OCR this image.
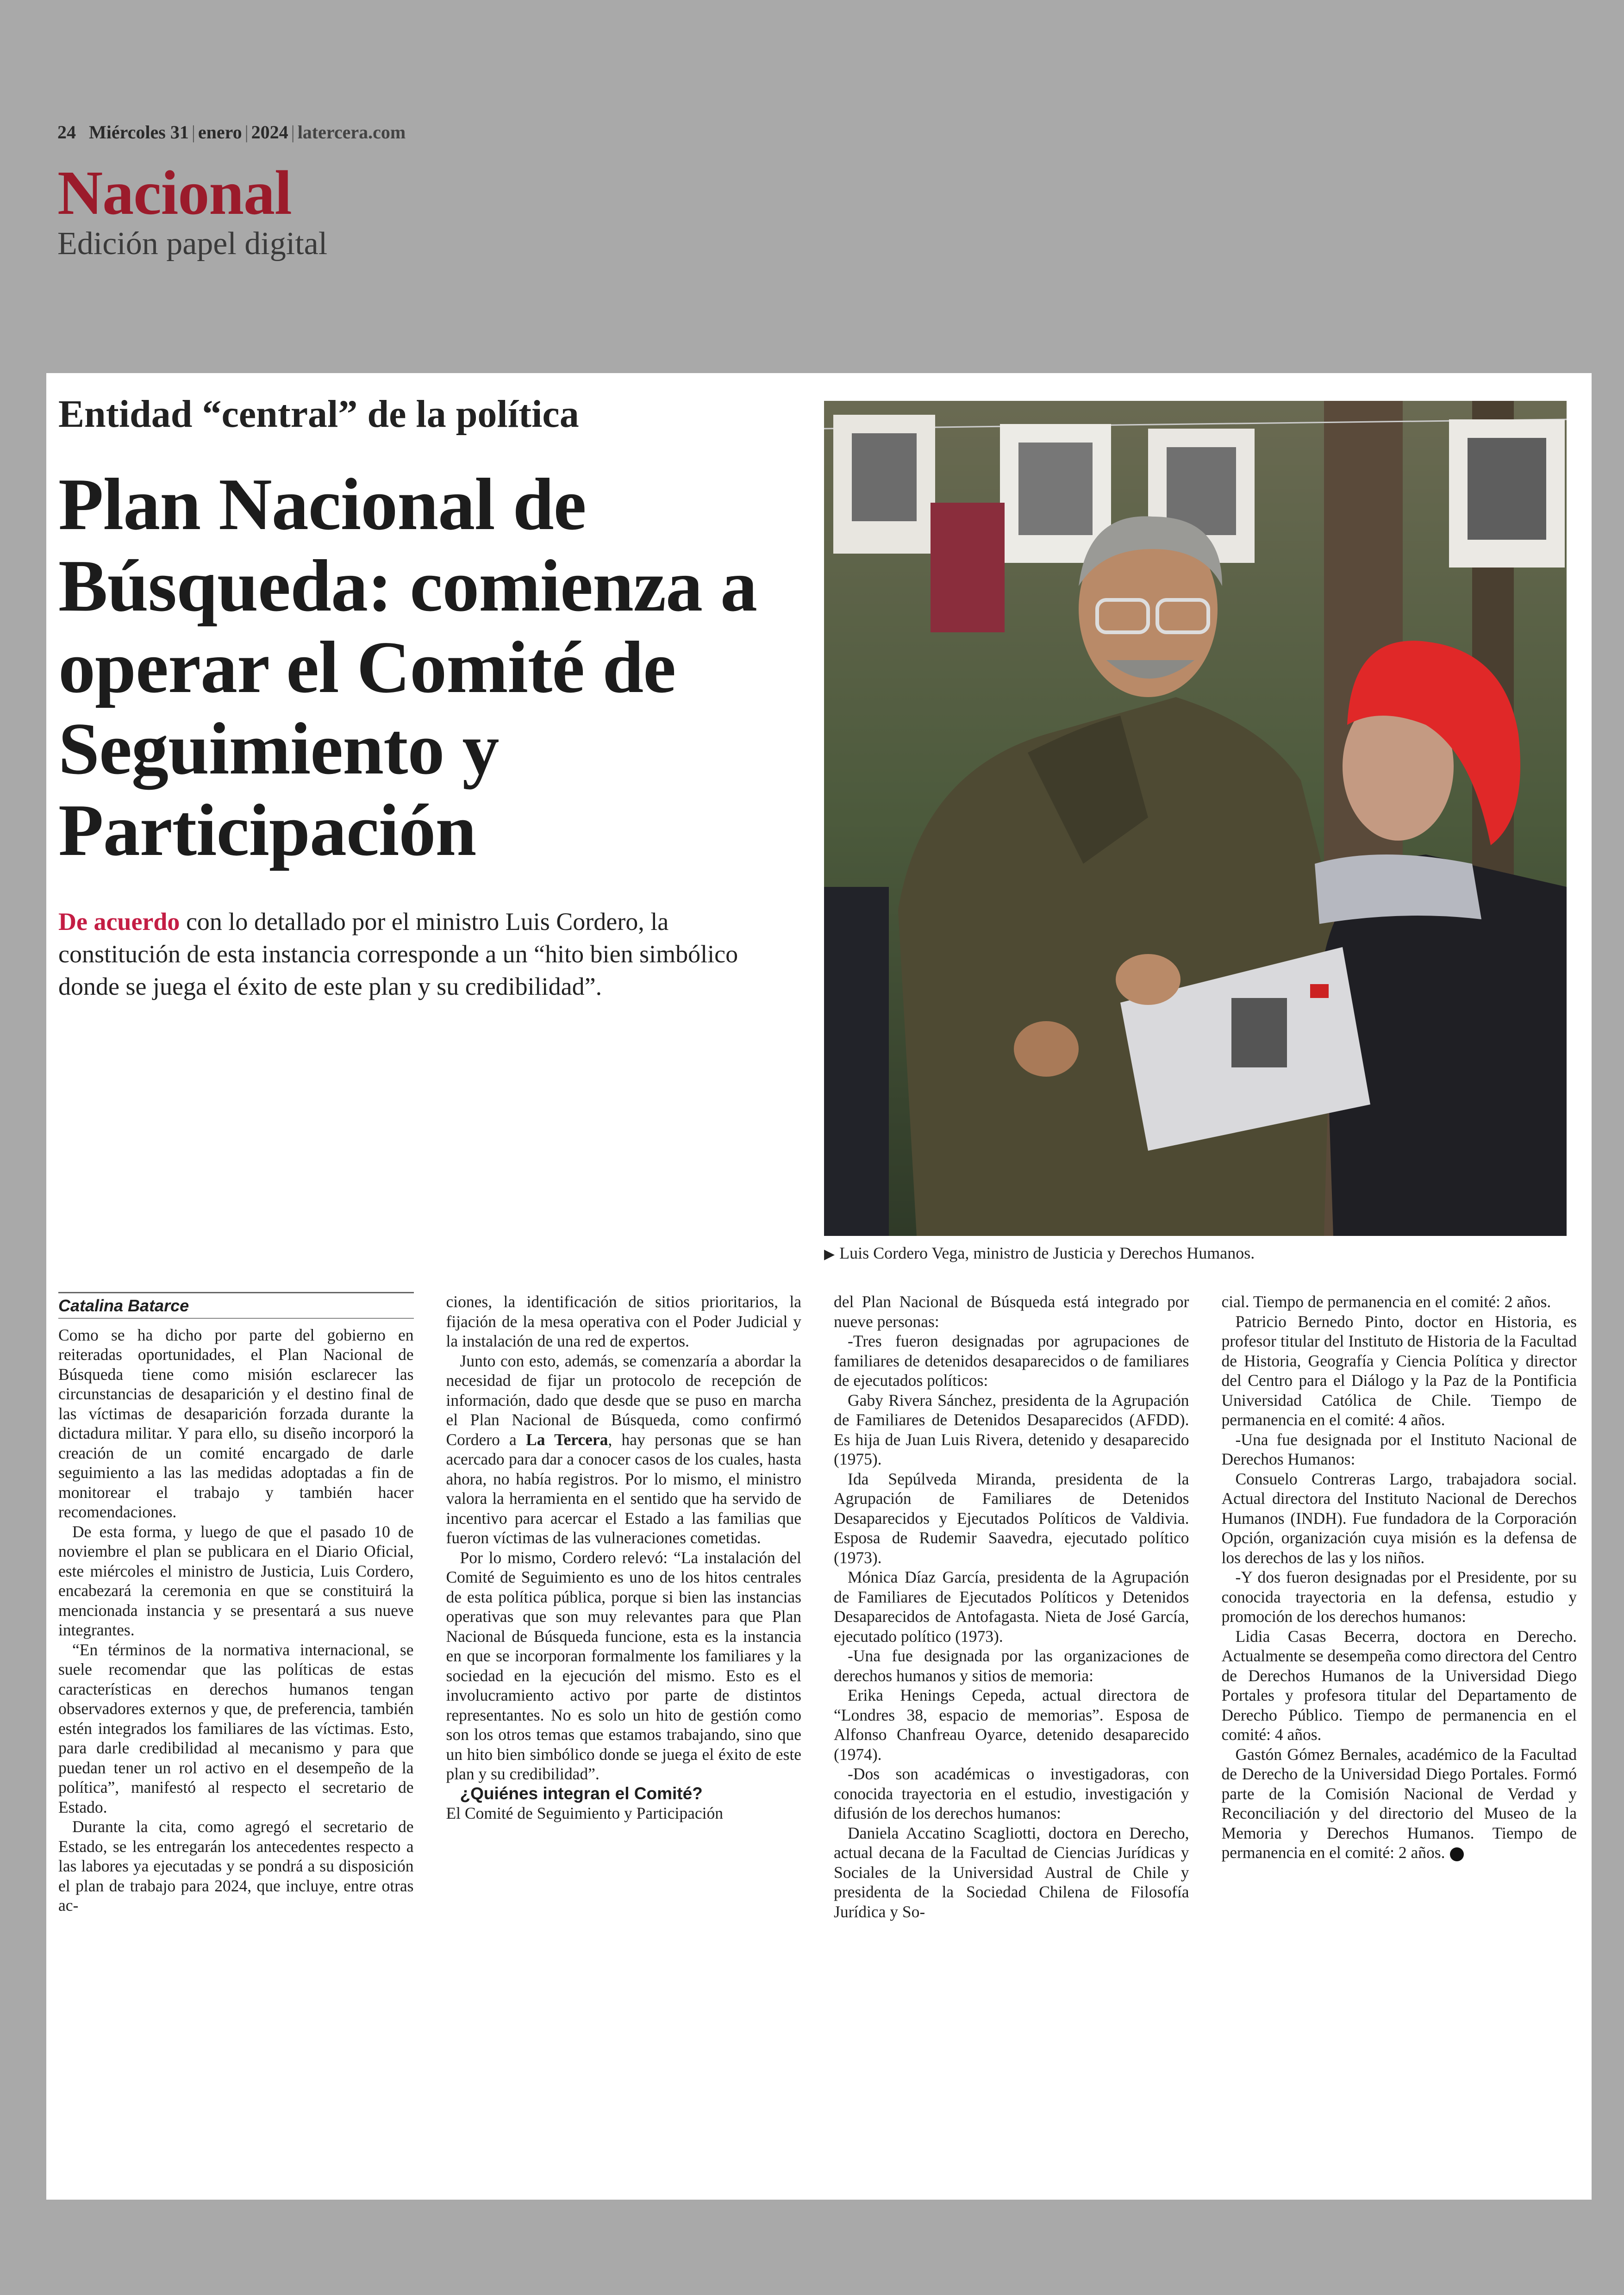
24 Miércoles 31 | enero | 2024 | latercera.com
Nacional
Edición papel digital
Entidad “central” de la política
Plan Nacional de Búsqueda: comienza a operar el Comité de Seguimiento y Participación

De acuerdo con lo detallado por el ministro Luis Cordero, la constitución de esta instancia corresponde a un “hito bien simbólico donde se juega el éxito de este plan y su credibilidad”.

▶ Luis Cordero Vega, ministro de Justicia y Derechos Humanos.
Catalina Batarce

Como se ha dicho por parte del gobierno en reiteradas oportunidades, el Plan Nacional de Búsqueda tiene como misión esclarecer las circunstancias de desaparición y el destino final de las víctimas de desaparición forzada durante la dictadura militar. Y para ello, su diseño incorporó la creación de un comité encargado de darle seguimiento a las las medidas adoptadas a fin de monitorear el trabajo y también hacer recomendaciones.

De esta forma, y luego de que el pasado 10 de noviembre el plan se publicara en el Diario Oficial, este miércoles el ministro de Justicia, Luis Cordero, encabezará la ceremonia en que se constituirá la mencionada instancia y se presentará a sus nueve integrantes.

“En términos de la normativa internacional, se suele recomendar que las políticas de estas características en derechos humanos tengan observadores externos y que, de preferencia, también estén integrados los familiares de las víctimas. Esto, para darle credibilidad al mecanismo y para que puedan tener un rol activo en el desempeño de la política”, manifestó al respecto el secretario de Estado.

Durante la cita, como agregó el secretario de Estado, se les entregarán los antecedentes respecto a las labores ya ejecutadas y se pondrá a su disposición el plan de trabajo para 2024, que incluye, entre otras ac-

ciones, la identificación de sitios prioritarios, la fijación de la mesa operativa con el Poder Judicial y la instalación de una red de expertos.

Junto con esto, además, se comenzaría a abordar la necesidad de fijar un protocolo de recepción de información, dado que desde que se puso en marcha el Plan Nacional de Búsqueda, como confirmó Cordero a La Tercera, hay personas que se han acercado para dar a conocer casos de los cuales, hasta ahora, no había registros. Por lo mismo, el ministro valora la herramienta en el sentido que ha servido de incentivo para acercar el Estado a las familias que fueron víctimas de las vulneraciones cometidas.

Por lo mismo, Cordero relevó: “La instalación del Comité de Seguimiento es uno de los hitos centrales de esta política pública, porque si bien las instancias operativas que son muy relevantes para que Plan Nacional de Búsqueda funcione, esta es la instancia en que se incorporan formalmente los familiares y la sociedad en la ejecución del mismo. Esto es el involucramiento activo por parte de distintos representantes. No es solo un hito de gestión como son los otros temas que estamos trabajando, sino que un hito bien simbólico donde se juega el éxito de este plan y su credibilidad”.

¿Quiénes integran el Comité?

El Comité de Seguimiento y Participación

del Plan Nacional de Búsqueda está integrado por nueve personas:

-Tres fueron designadas por agrupaciones de familiares de detenidos desaparecidos o de familiares de ejecutados políticos:

Gaby Rivera Sánchez, presidenta de la Agrupación de Familiares de Detenidos Desaparecidos (AFDD). Es hija de Juan Luis Rivera, detenido y desaparecido (1975).

Ida Sepúlveda Miranda, presidenta de la Agrupación de Familiares de Detenidos Desaparecidos y Ejecutados Políticos de Valdivia. Esposa de Rudemir Saavedra, ejecutado político (1973).

Mónica Díaz García, presidenta de la Agrupación de Familiares de Ejecutados Políticos y Detenidos Desaparecidos de Antofagasta. Nieta de José García, ejecutado político (1973).

-Una fue designada por las organizaciones de derechos humanos y sitios de memoria:

Erika Henings Cepeda, actual directora de “Londres 38, espacio de memorias”. Esposa de Alfonso Chanfreau Oyarce, detenido desaparecido (1974).

-Dos son académicas o investigadoras, con conocida trayectoria en el estudio, investigación y difusión de los derechos humanos:

Daniela Accatino Scagliotti, doctora en Derecho, actual decana de la Facultad de Ciencias Jurídicas y Sociales de la Universidad Austral de Chile y presidenta de la Sociedad Chilena de Filosofía Jurídica y So-

cial. Tiempo de permanencia en el comité: 2 años.

Patricio Bernedo Pinto, doctor en Historia, es profesor titular del Instituto de Historia de la Facultad de Historia, Geografía y Ciencia Política y director del Centro para el Diálogo y la Paz de la Pontificia Universidad Católica de Chile. Tiempo de permanencia en el comité: 4 años.

-Una fue designada por el Instituto Nacional de Derechos Humanos:

Consuelo Contreras Largo, trabajadora social. Actual directora del Instituto Nacional de Derechos Humanos (INDH). Fue fundadora de la Corporación Opción, organización cuya misión es la defensa de los derechos de las y los niños.

-Y dos fueron designadas por el Presidente, por su conocida trayectoria en la defensa, estudio y promoción de los derechos humanos:

Lidia Casas Becerra, doctora en Derecho. Actualmente se desempeña como directora del Centro de Derechos Humanos de la Universidad Diego Portales y profesora titular del Departamento de Derecho Público. Tiempo de permanencia en el comité: 4 años.

Gastón Gómez Bernales, académico de la Facultad de Derecho de la Universidad Diego Portales. Formó parte de la Comisión Nacional de Verdad y Reconciliación y del directorio del Museo de la Memoria y Derechos Humanos. Tiempo de permanencia en el comité: 2 años.
